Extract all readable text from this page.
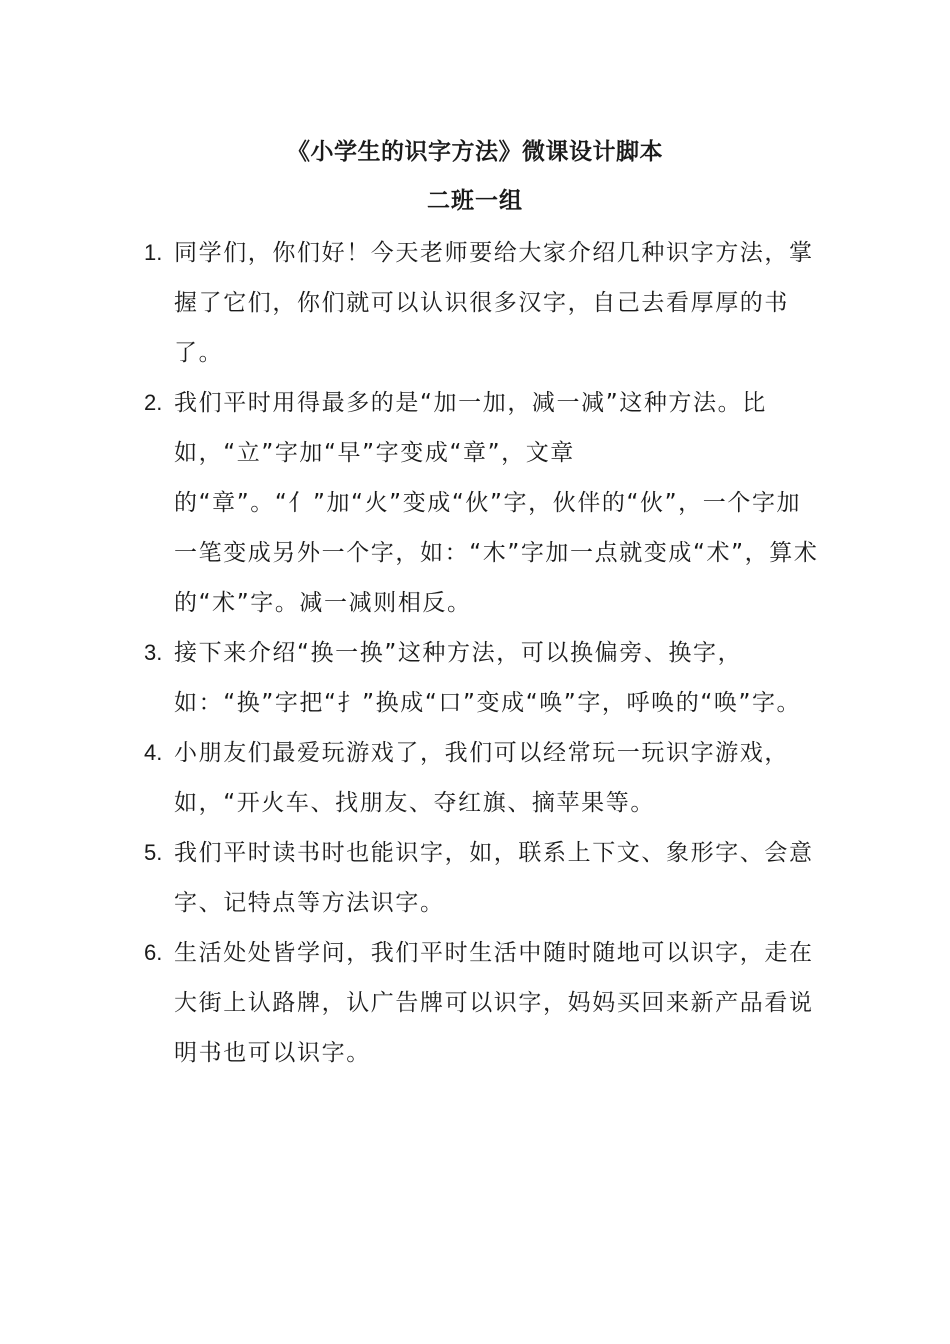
《小学生的识字方法》微课设计脚本
二班一组
1. 同学们，你们好！今天老师要给大家介绍几种识字方法，掌握了它们，你们就可以认识很多汉字，自己去看厚厚的书了。
2. 我们平时用得最多的是“加一加，减一减”这种方法。比如，“立”字加“早”字变成“章”，文章的“章”。“亻”加“火”变成“伙”字，伙伴的“伙”，一个字加一笔变成另外一个字，如：“木”字加一点就变成“术”，算术的“术”字。减一减则相反。
3. 接下来介绍“换一换”这种方法，可以换偏旁、换字，如：“换”字把“扌”换成“口”变成“唤”字，呼唤的“唤”字。
4. 小朋友们最爱玩游戏了，我们可以经常玩一玩识字游戏，如，“开火车、找朋友、夺红旗、摘苹果等。
5. 我们平时读书时也能识字，如，联系上下文、象形字、会意字、记特点等方法识字。
6. 生活处处皆学问，我们平时生活中随时随地可以识字，走在大街上认路牌，认广告牌可以识字，妈妈买回来新产品看说明书也可以识字。
